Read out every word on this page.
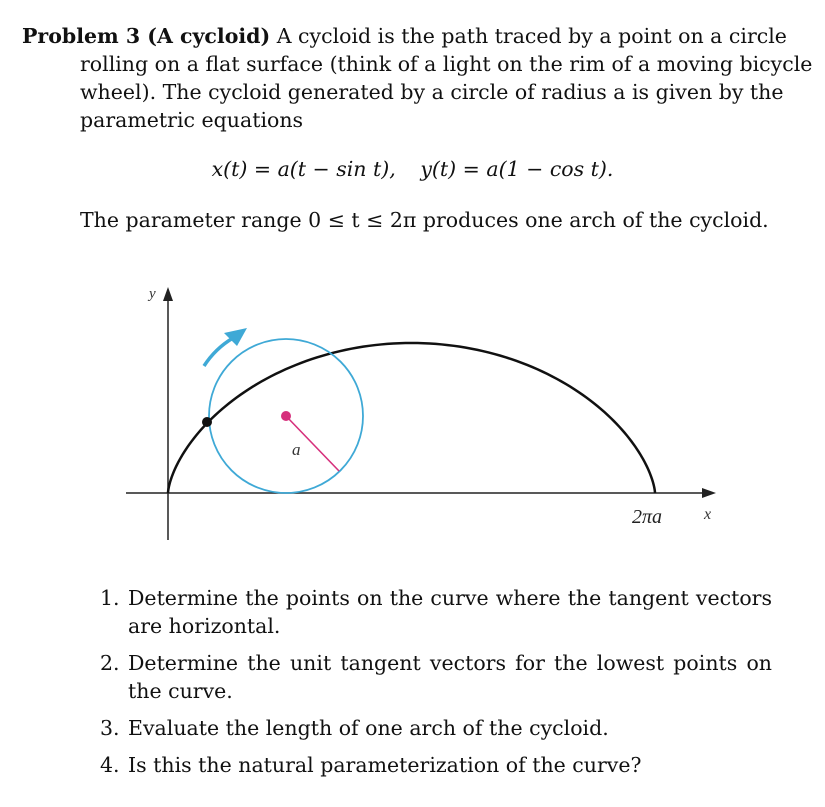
Problem 3 (A cycloid) A cycloid is the path traced by a point on a circle
rolling on a flat surface (think of a light on the rim of a moving bicycle
wheel). The cycloid generated by a circle of radius a is given by the
parametric equations
x(t) = a(t − sin t), y(t) = a(1 − cos t).
The parameter range 0 ≤ t ≤ 2π produces one arch of the cycloid.
y
a
2πa	x
1. Determine the points on the curve where the tangent vectors are horizontal.
2. Determine the unit tangent vectors for the lowest points on the curve.
3. Evaluate the length of one arch of the cycloid.
4. Is this the natural parameterization of the curve?
